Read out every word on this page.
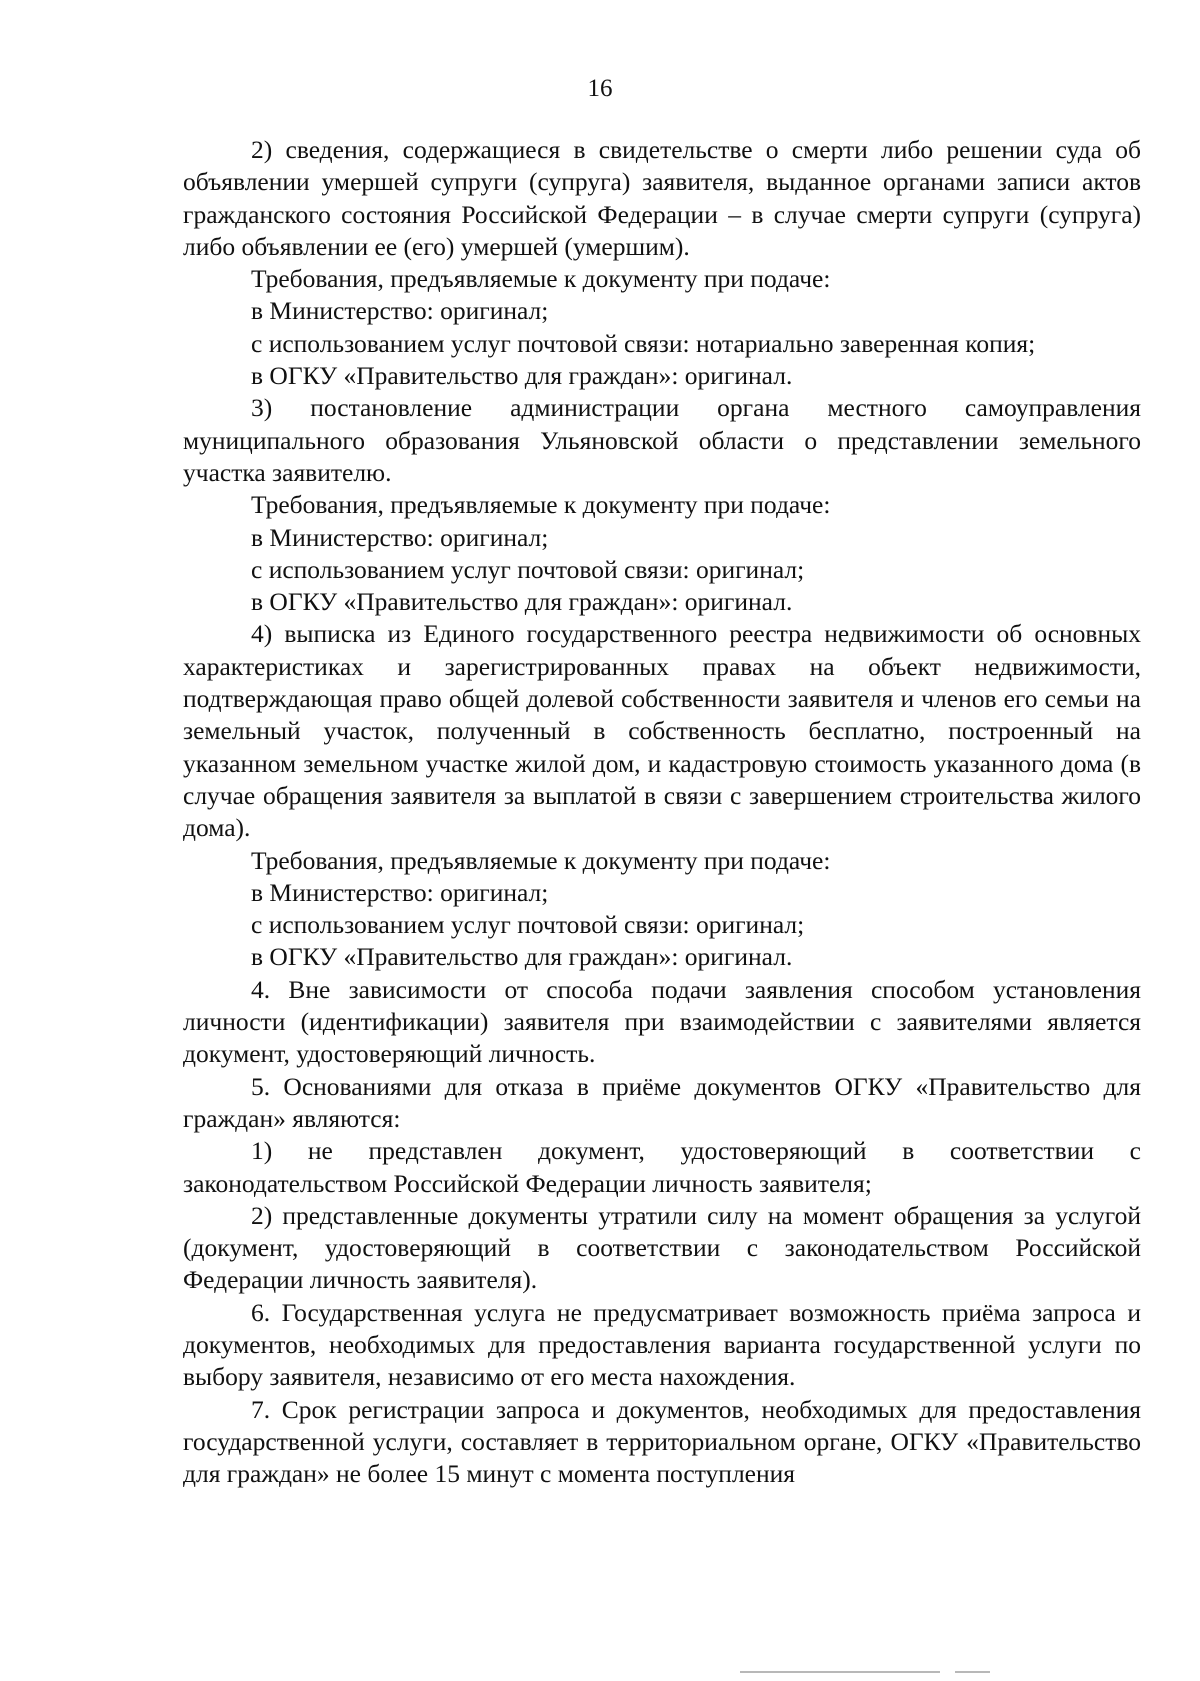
16

2) сведения, содержащиеся в свидетельстве о смерти либо решении суда об объявлении умершей супруги (супруга) заявителя, выданное органами записи актов гражданского состояния Российской Федерации – в случае смерти супруги (супруга) либо объявлении ее (его) умершей (умершим).

Требования, предъявляемые к документу при подаче:

в Министерство: оригинал;

с использованием услуг почтовой связи: нотариально заверенная копия;

в ОГКУ «Правительство для граждан»: оригинал.

3) постановление администрации органа местного самоуправления муниципального образования Ульяновской области о представлении земельного участка заявителю.

Требования, предъявляемые к документу при подаче:

в Министерство: оригинал;

с использованием услуг почтовой связи: оригинал;

в ОГКУ «Правительство для граждан»: оригинал.

4) выписка из Единого государственного реестра недвижимости об основных характеристиках и зарегистрированных правах на объект недвижимости, подтверждающая право общей долевой собственности заявителя и членов его семьи на земельный участок, полученный в собственность бесплатно, построенный на указанном земельном участке жилой дом, и кадастровую стоимость указанного дома (в случае обращения заявителя за выплатой в связи с завершением строительства жилого дома).

Требования, предъявляемые к документу при подаче:

в Министерство: оригинал;

с использованием услуг почтовой связи: оригинал;

в ОГКУ «Правительство для граждан»: оригинал.

4. Вне зависимости от способа подачи заявления способом установления личности (идентификации) заявителя при взаимодействии с заявителями является документ, удостоверяющий личность.

5. Основаниями для отказа в приёме документов ОГКУ «Правительство для граждан» являются:

1) не представлен документ, удостоверяющий в соответствии с законодательством Российской Федерации личность заявителя;

2) представленные документы утратили силу на момент обращения за услугой (документ, удостоверяющий в соответствии с законодательством Российской Федерации личность заявителя).

6. Государственная услуга не предусматривает возможность приёма запроса и документов, необходимых для предоставления варианта государственной услуги по выбору заявителя, независимо от его места нахождения.

7. Срок регистрации запроса и документов, необходимых для предоставления государственной услуги, составляет в территориальном органе, ОГКУ «Правительство для граждан» не более 15 минут с момента поступления
